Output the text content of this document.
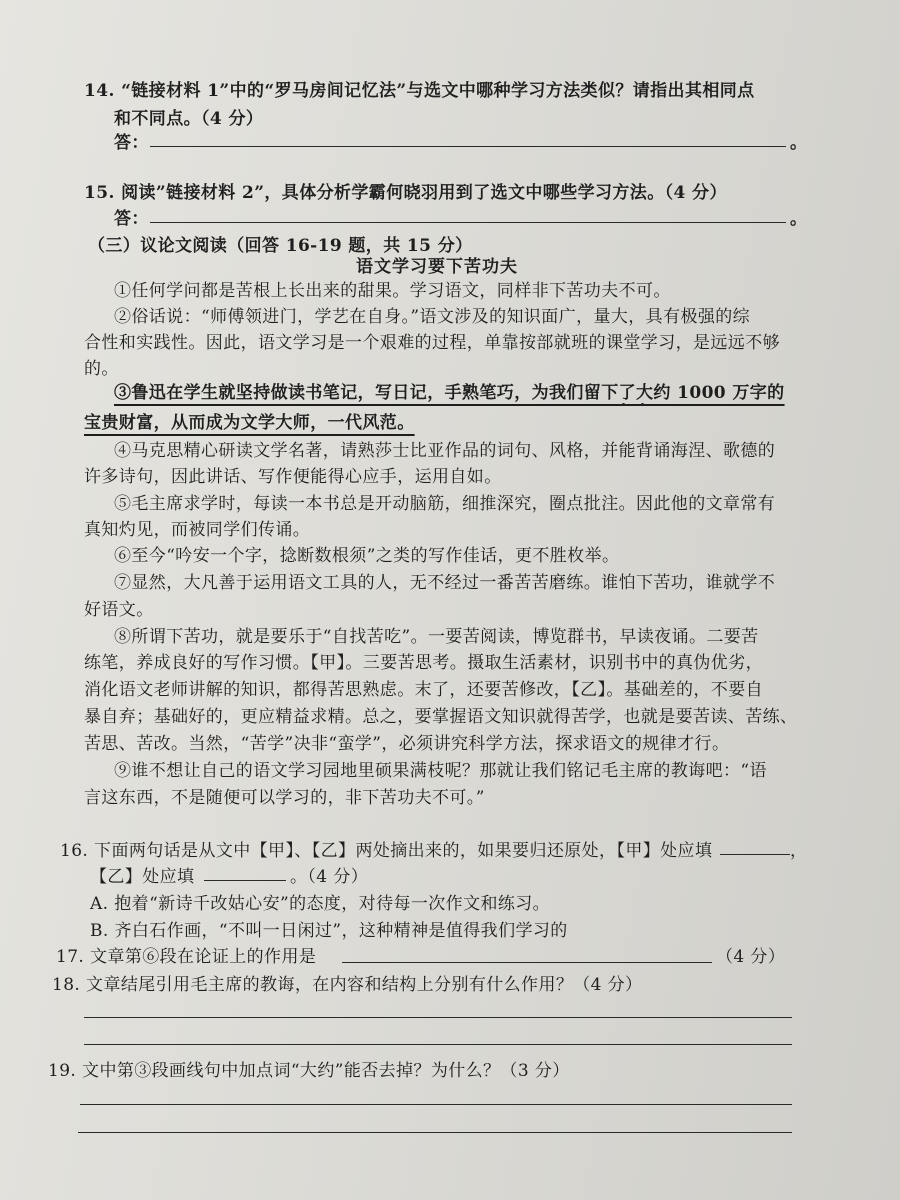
14. “链接材料 1”中的“罗马房间记忆法”与选文中哪种学习方法类似？请指出其相同点
和不同点。（4 分）
答：	。
15. 阅读”链接材料 2”，具体分析学霸何晓羽用到了选文中哪些学习方法。（4 分）
答：	。
（三）议论文阅读（回答 16-19 题，共 15 分）
语文学习要下苦功夫
①任何学问都是苦根上长出来的甜果。学习语文，同样非下苦功夫不可。
②俗话说：“师傅领进门，学艺在自身。”语文涉及的知识面广，量大，具有极强的综
合性和实践性。因此，语文学习是一个艰难的过程，单靠按部就班的课堂学习，是远远不够
的。
③鲁迅在学生就坚持做读书笔记，写日记，手熟笔巧，为我们留下了大约 1000 万字的
宝贵财富，从而成为文学大师，一代风范。
④马克思精心研读文学名著，请熟莎士比亚作品的词句、风格，并能背诵海涅、歌德的
许多诗句，因此讲话、写作便能得心应手，运用自如。
⑤毛主席求学时，每读一本书总是开动脑筋，细推深究，圈点批注。因此他的文章常有
真知灼见，而被同学们传诵。
⑥至今“吟安一个字，捻断数根须”之类的写作佳话，更不胜枚举。
⑦显然，大凡善于运用语文工具的人，无不经过一番苦苦磨练。谁怕下苦功，谁就学不
好语文。
⑧所谓下苦功，就是要乐于“自找苦吃”。一要苦阅读，博览群书，早读夜诵。二要苦
练笔，养成良好的写作习惯。【甲】。三要苦思考。摄取生活素材，识别书中的真伪优劣，
消化语文老师讲解的知识，都得苦思熟虑。末了，还要苦修改，【乙】。基础差的，不要自
暴自弃；基础好的，更应精益求精。总之，要掌握语文知识就得苦学，也就是要苦读、苦练、
苦思、苦改。当然，“苦学”决非“蛮学”，必须讲究科学方法，探求语文的规律才行。
⑨谁不想让自己的语文学习园地里硕果满枝呢？那就让我们铭记毛主席的教诲吧：“语
言这东西，不是随便可以学习的，非下苦功夫不可。”
16. 下面两句话是从文中【甲】、【乙】两处摘出来的，如果要归还原处，【甲】处应填	，
【乙】处应填	。（4 分）
A. 抱着“新诗千改姑心安”的态度，对待每一次作文和练习。
B. 齐白石作画，“不叫一日闲过”，这种精神是值得我们学习的
17. 文章第⑥段在论证上的作用是	（4 分）
18. 文章结尾引用毛主席的教诲，在内容和结构上分别有什么作用？（4 分）
19. 文中第③段画线句中加点词“大约”能否去掉？为什么？（3 分）
